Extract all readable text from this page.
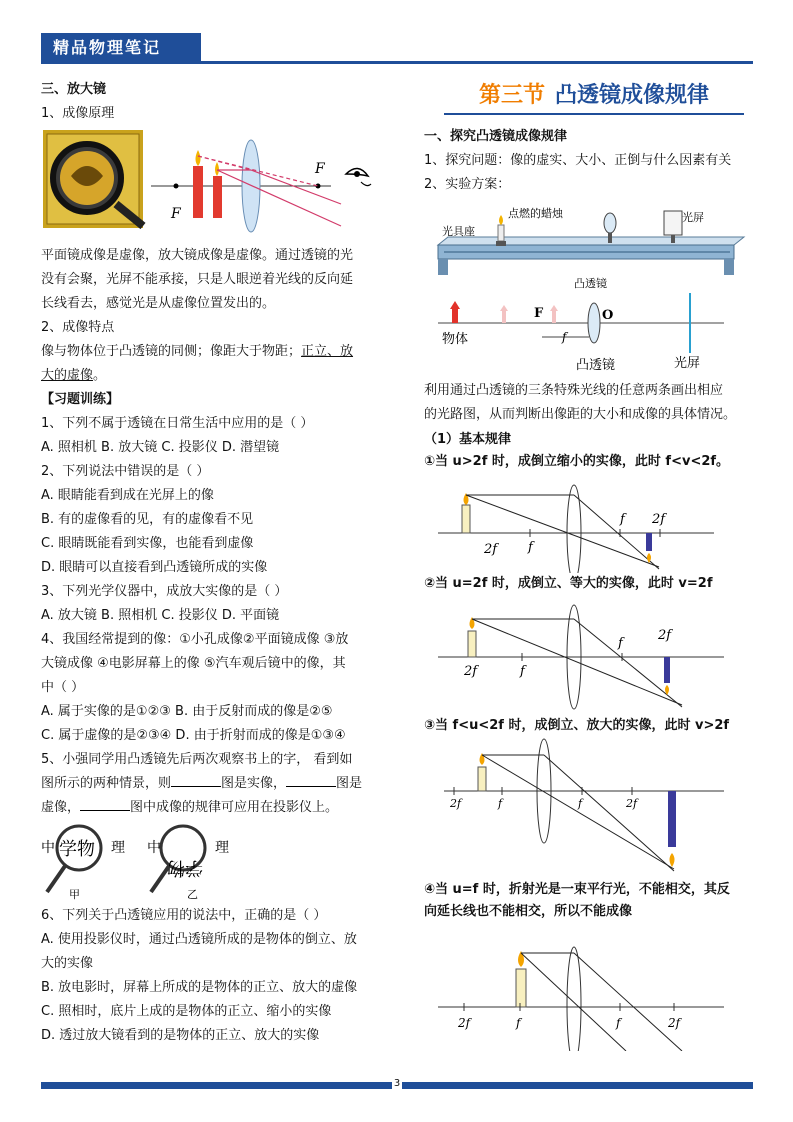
精品物理笔记
三、放大镜
1、成像原理
F
F
平面镜成像是虚像，放大镜成像是虚像。通过透镜的光
没有会聚，光屏不能承接，只是人眼逆着光线的反向延
长线看去，感觉光是从虚像位置发出的。
2、成像特点
像与物体位于凸透镜的同侧；像距大于物距；正立、放
大的虚像。
【习题训练】
1、下列不属于透镜在日常生活中应用的是（ ）
A. 照相机 B. 放大镜 C. 投影仪 D. 潜望镜
2、下列说法中错误的是（ ）
A. 眼睛能看到成在光屏上的像
B. 有的虚像看的见，有的虚像看不见
C. 眼睛既能看到实像，也能看到虚像
D. 眼睛可以直接看到凸透镜所成的实像
3、下列光学仪器中，成放大实像的是（ ）
A. 放大镜 B. 照相机 C. 投影仪 D. 平面镜
4、我国经常提到的像：①小孔成像②平面镜成像 ③放
大镜成像 ④电影屏幕上的像 ⑤汽车观后镜中的像，其
中（ ）
A. 属于实像的是①②③ B. 由于反射而成的像是②⑤
C. 属于虚像的是②③④ D. 由于折射而成的像是①③④
5、小强同学用凸透镜先后两次观察书上的字， 看到如
图所示的两种情景，则	图是实像，	图是
虚像，	图中成像的规律可应用在投影仪上。
中 学物 理
甲
中
学物
理
乙
6、下列关于凸透镜应用的说法中，正确的是（ ）
A. 使用投影仪时，通过凸透镜所成的是物体的倒立、放
大的实像
B. 放电影时，屏幕上所成的是物体的正立、放大的虚像
C. 照相时，底片上成的是物体的正立、缩小的实像
D. 透过放大镜看到的是物体的正立、放大的实像
第三节 凸透镜成像规律
一、探究凸透镜成像规律
1、探究问题：像的虚实、大小、正倒与什么因素有关
2、实验方案：
点燃的蜡烛
光具座
光屏
凸透镜
F	O
f
物体
凸透镜	光屏
利用通过凸透镜的三条特殊光线的任意两条画出相应
的光路图，从而判断出像距的大小和成像的具体情况。
（1）基本规律
①当 u>2f 时，成倒立缩小的实像，此时 f<v<2f。
2f f
f 2f
②当 u=2f 时，成倒立、等大的实像，此时 v=2f
2f	f
f
2f
③当 f<u<2f 时，成倒立、放大的实像，此时 v>2f
2f	f	f	2f
④当 u=f 时，折射光是一束平行光，不能相交，其反
向延长线也不能相交，所以不能成像
2f	f	f	2f
3
